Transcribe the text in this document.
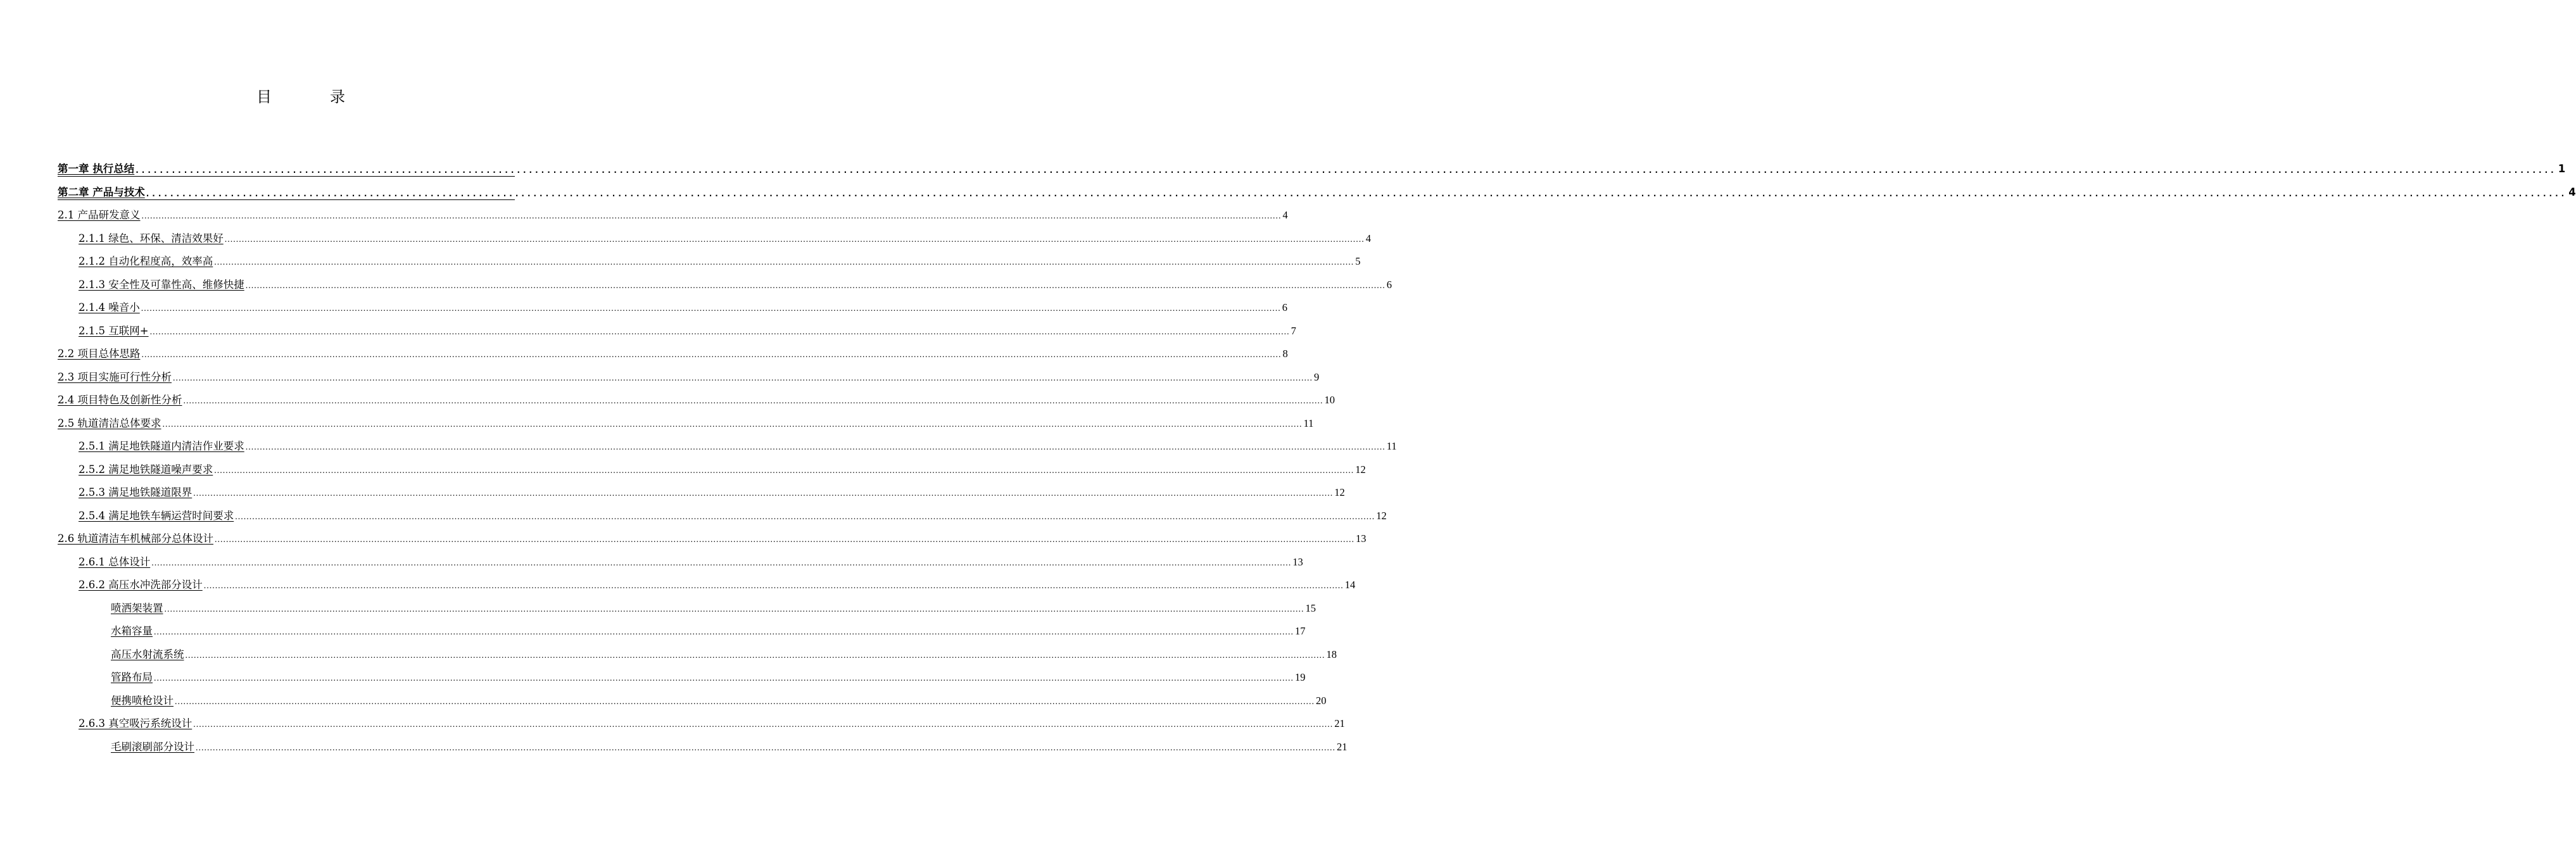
目　录
第一章 执行总结 ................................................................................................................................................................................................................................................................................................................................................................................................................ 1
第二章 产品与技术 ................................................................................................................................................................................................................................................................................................................................................................................................................ 4
2.1 产品研发意义 ................................................................................................................................................................................................................................................................................................................................................................................................................ 4
2.1.1 绿色、环保、清洁效果好 ................................................................................................................................................................................................................................................................................................................................................................................................................ 4
2.1.2 自动化程度高，效率高 ................................................................................................................................................................................................................................................................................................................................................................................................................ 5
2.1.3 安全性及可靠性高、维修快捷 ................................................................................................................................................................................................................................................................................................................................................................................................................ 6
2.1.4 噪音小 ................................................................................................................................................................................................................................................................................................................................................................................................................ 6
2.1.5 互联网+ ................................................................................................................................................................................................................................................................................................................................................................................................................ 7
2.2 项目总体思路 ................................................................................................................................................................................................................................................................................................................................................................................................................ 8
2.3 项目实施可行性分析 ................................................................................................................................................................................................................................................................................................................................................................................................................ 9
2.4 项目特色及创新性分析 ................................................................................................................................................................................................................................................................................................................................................................................................................ 10
2.5 轨道清洁总体要求 ................................................................................................................................................................................................................................................................................................................................................................................................................ 11
2.5.1 满足地铁隧道内清洁作业要求 ................................................................................................................................................................................................................................................................................................................................................................................................................ 11
2.5.2 满足地铁隧道噪声要求 ................................................................................................................................................................................................................................................................................................................................................................................................................ 12
2.5.3 满足地铁隧道限界 ................................................................................................................................................................................................................................................................................................................................................................................................................ 12
2.5.4 满足地铁车辆运营时间要求 ................................................................................................................................................................................................................................................................................................................................................................................................................ 12
2.6 轨道清洁车机械部分总体设计 ................................................................................................................................................................................................................................................................................................................................................................................................................ 13
2.6.1 总体设计 ................................................................................................................................................................................................................................................................................................................................................................................................................ 13
2.6.2 高压水冲洗部分设计 ................................................................................................................................................................................................................................................................................................................................................................................................................ 14
喷洒架装置 ................................................................................................................................................................................................................................................................................................................................................................................................................ 15
水箱容量 ................................................................................................................................................................................................................................................................................................................................................................................................................ 17
高压水射流系统 ................................................................................................................................................................................................................................................................................................................................................................................................................ 18
管路布局 ................................................................................................................................................................................................................................................................................................................................................................................................................ 19
便携喷枪设计 ................................................................................................................................................................................................................................................................................................................................................................................................................ 20
2.6.3 真空吸污系统设计 ................................................................................................................................................................................................................................................................................................................................................................................................................ 21
毛刷滚刷部分设计 ................................................................................................................................................................................................................................................................................................................................................................................................................ 21
